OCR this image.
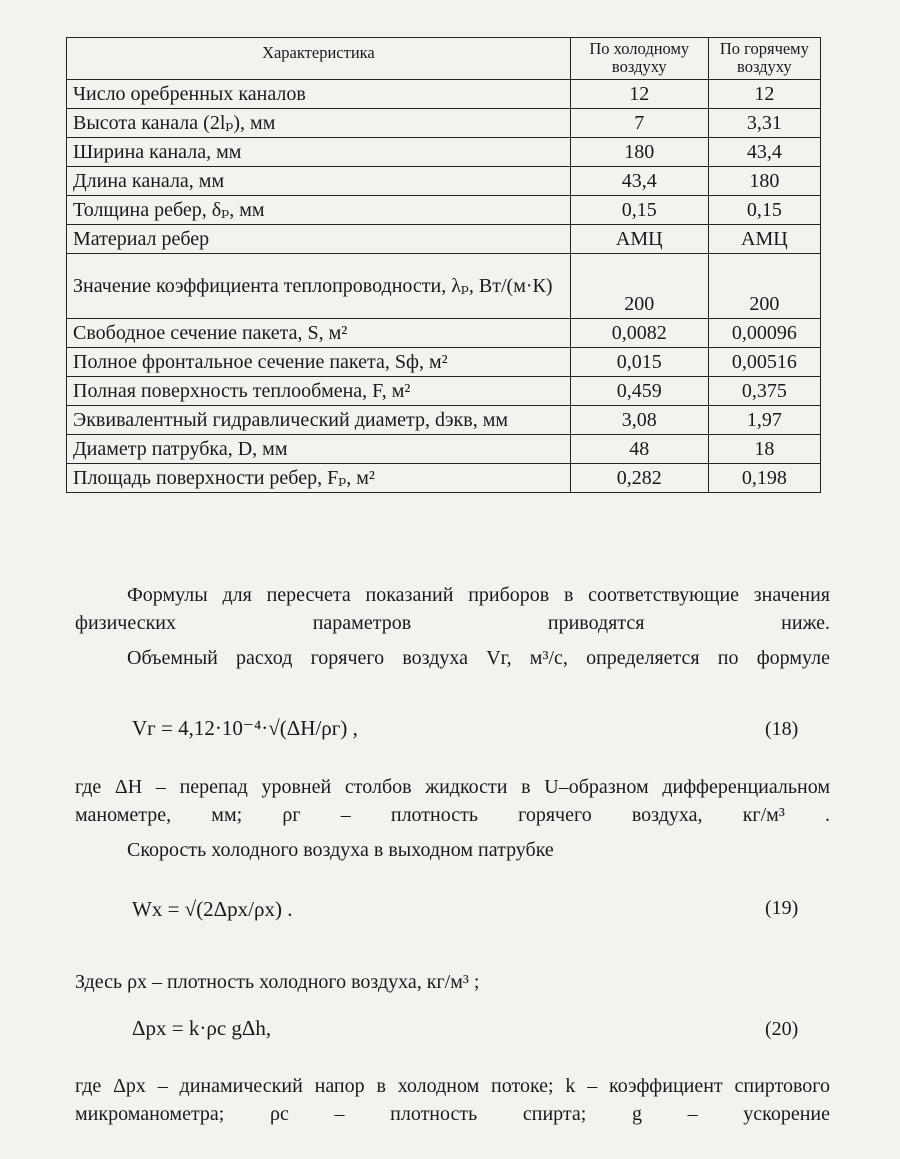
Характеристика	По холодному воздуху	По горячему воздуху
Число оребренных каналов	12	12
Высота канала (2lₚ), мм	7	3,31
Ширина канала, мм	180	43,4
Длина канала, мм	43,4	180
Толщина ребер, δₚ, мм	0,15	0,15
Материал ребер	АМЦ	АМЦ
Значение коэффициента теплопроводности, λₚ, Вт/(м·К)	200	200
Свободное сечение пакета, S, м²	0,0082	0,00096
Полное фронтальное сечение пакета, Sф, м²	0,015	0,00516
Полная поверхность теплообмена, F, м²	0,459	0,375
Эквивалентный гидравлический диаметр, dэкв, мм	3,08	1,97
Диаметр патрубка, D, мм	48	18
Площадь поверхности ребер, Fₚ, м²	0,282	0,198
Формулы для пересчета показаний приборов в соответствующие значения физических параметров приводятся ниже.
Объемный расход горячего воздуха Vг, м³/с, определяется по формуле
Vг = 4,12·10⁻⁴·√(ΔH/ρг) ,	(18)
где ΔH – перепад уровней столбов жидкости в U–образном дифференциальном манометре, мм; ρг – плотность горячего воздуха, кг/м³ .
Скорость холодного воздуха в выходном патрубке
Wх = √(2Δpх/ρх) .	(19)
Здесь ρх – плотность холодного воздуха, кг/м³ ;
Δpх = k·ρс gΔh,	(20)
где Δpх – динамический напор в холодном потоке; k – коэффициент спиртового микроманометра; ρс – плотность спирта; g – ускорение
